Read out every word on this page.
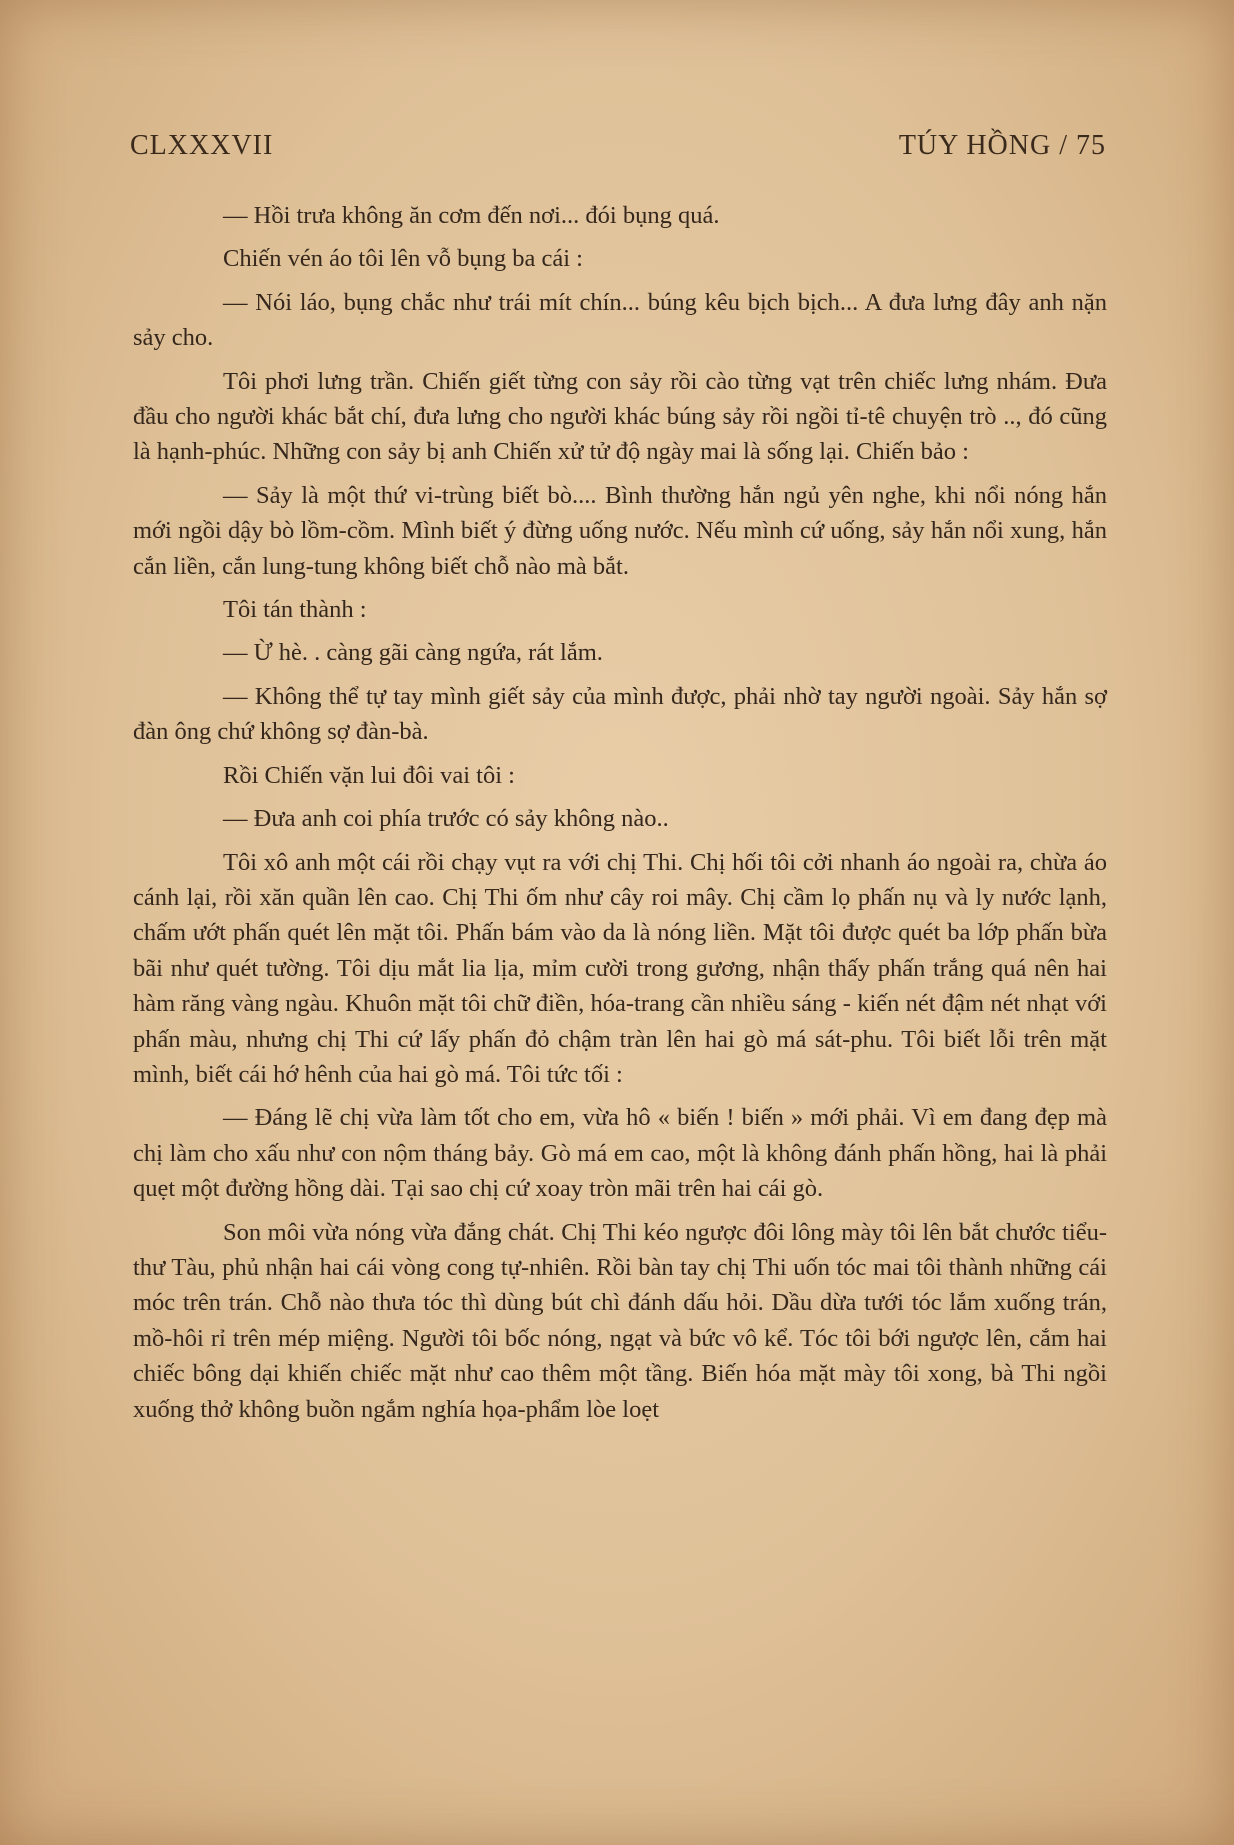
CLXXXVII	TÚY HỒNG / 75

— Hồi trưa không ăn cơm đến nơi... đói bụng quá.

Chiến vén áo tôi lên vỗ bụng ba cái :

— Nói láo, bụng chắc như trái mít chín... búng kêu bịch bịch... A đưa lưng đây anh nặn sảy cho.

Tôi phơi lưng trần. Chiến giết từng con sảy rồi cào từng vạt trên chiếc lưng nhám. Đưa đầu cho người khác bắt chí, đưa lưng cho người khác búng sảy rồi ngồi tỉ-tê chuyện trò .., đó cũng là hạnh-phúc. Những con sảy bị anh Chiến xử tử độ ngày mai là sống lại. Chiến bảo :

— Sảy là một thứ vi-trùng biết bò.... Bình thường hắn ngủ yên nghe, khi nổi nóng hắn mới ngồi dậy bò lồm-cồm. Mình biết ý đừng uống nước. Nếu mình cứ uống, sảy hắn nổi xung, hắn cắn liền, cắn lung-tung không biết chỗ nào mà bắt.

Tôi tán thành :

— Ừ hè. . càng gãi càng ngứa, rát lắm.

— Không thể tự tay mình giết sảy của mình được, phải nhờ tay người ngoài. Sảy hắn sợ đàn ông chứ không sợ đàn-bà.

Rồi Chiến vặn lui đôi vai tôi :

— Đưa anh coi phía trước có sảy không nào..

Tôi xô anh một cái rồi chạy vụt ra với chị Thi. Chị hối tôi cởi nhanh áo ngoài ra, chừa áo cánh lại, rồi xăn quần lên cao. Chị Thi ốm như cây roi mây. Chị cầm lọ phấn nụ và ly nước lạnh, chấm ướt phấn quét lên mặt tôi. Phấn bám vào da là nóng liền. Mặt tôi được quét ba lớp phấn bừa bãi như quét tường. Tôi dịu mắt lia lịa, mỉm cười trong gương, nhận thấy phấn trắng quá nên hai hàm răng vàng ngàu. Khuôn mặt tôi chữ điền, hóa-trang cần nhiều sáng - kiến nét đậm nét nhạt với phấn màu, nhưng chị Thi cứ lấy phấn đỏ chậm tràn lên hai gò má sát-phu. Tôi biết lỗi trên mặt mình, biết cái hớ hênh của hai gò má. Tôi tức tối :

— Đáng lẽ chị vừa làm tốt cho em, vừa hô « biến ! biến » mới phải. Vì em đang đẹp mà chị làm cho xấu như con nộm tháng bảy. Gò má em cao, một là không đánh phấn hồng, hai là phải quẹt một đường hồng dài. Tại sao chị cứ xoay tròn mãi trên hai cái gò.

Son môi vừa nóng vừa đắng chát. Chị Thi kéo ngược đôi lông mày tôi lên bắt chước tiểu-thư Tàu, phủ nhận hai cái vòng cong tự-nhiên. Rồi bàn tay chị Thi uốn tóc mai tôi thành những cái móc trên trán. Chỗ nào thưa tóc thì dùng bút chì đánh dấu hỏi. Dầu dừa tưới tóc lắm xuống trán, mồ-hôi rỉ trên mép miệng. Người tôi bốc nóng, ngạt và bức vô kể. Tóc tôi bới ngược lên, cắm hai chiếc bông dại khiến chiếc mặt như cao thêm một tầng. Biến hóa mặt mày tôi xong, bà Thi ngồi xuống thở không buồn ngắm nghía họa-phẩm lòe loẹt
